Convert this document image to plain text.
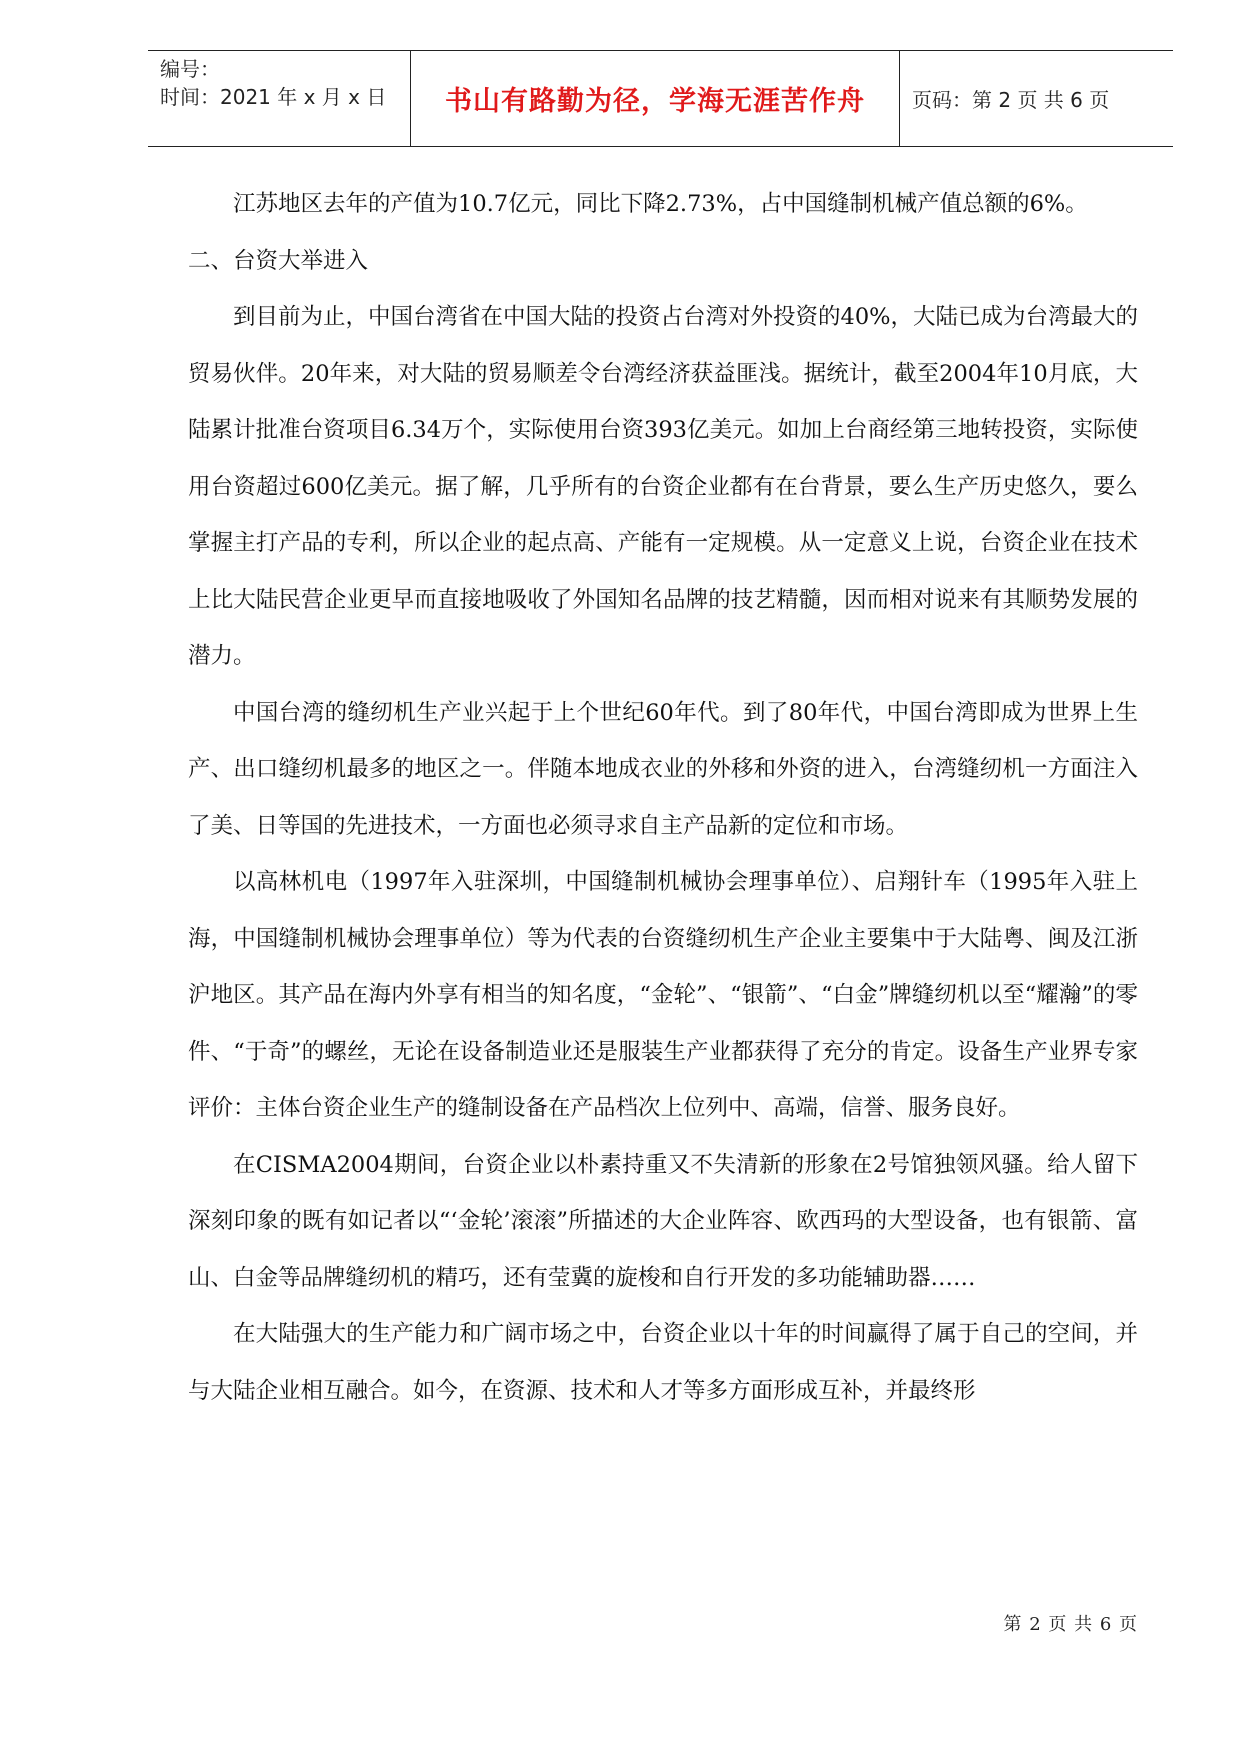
编号：
时间：2021 年 x 月 x 日 书山有路勤为径，学海无涯苦作舟	页码：第 2 页 共 6 页

江苏地区去年的产值为10.7亿元，同比下降2.73%，占中国缝制机械产值总额的6%。

二、台资大举进入

到目前为止，中国台湾省在中国大陆的投资占台湾对外投资的40%，大陆已成为台湾最大的贸易伙伴。20年来，对大陆的贸易顺差令台湾经济获益匪浅。据统计，截至2004年10月底，大陆累计批准台资项目6.34万个，实际使用台资393亿美元。如加上台商经第三地转投资，实际使用台资超过600亿美元。据了解，几乎所有的台资企业都有在台背景，要么生产历史悠久，要么掌握主打产品的专利，所以企业的起点高、产能有一定规模。从一定意义上说，台资企业在技术上比大陆民营企业更早而直接地吸收了外国知名品牌的技艺精髓，因而相对说来有其顺势发展的潜力。

中国台湾的缝纫机生产业兴起于上个世纪60年代。到了80年代，中国台湾即成为世界上生产、出口缝纫机最多的地区之一。伴随本地成衣业的外移和外资的进入，台湾缝纫机一方面注入了美、日等国的先进技术，一方面也必须寻求自主产品新的定位和市场。

以高林机电（1997年入驻深圳，中国缝制机械协会理事单位）、启翔针车（1995年入驻上海，中国缝制机械协会理事单位）等为代表的台资缝纫机生产企业主要集中于大陆粤、闽及江浙沪地区。其产品在海内外享有相当的知名度，“金轮”、“银箭”、“白金”牌缝纫机以至“耀瀚”的零件、“于奇”的螺丝，无论在设备制造业还是服装生产业都获得了充分的肯定。设备生产业界专家评价：主体台资企业生产的缝制设备在产品档次上位列中、高端，信誉、服务良好。

在CISMA2004期间，台资企业以朴素持重又不失清新的形象在2号馆独领风骚。给人留下深刻印象的既有如记者以“‘金轮’滚滚”所描述的大企业阵容、欧西玛的大型设备，也有银箭、富山、白金等品牌缝纫机的精巧，还有莹冀的旋梭和自行开发的多功能辅助器……

在大陆强大的生产能力和广阔市场之中，台资企业以十年的时间赢得了属于自己的空间，并与大陆企业相互融合。如今，在资源、技术和人才等多方面形成互补，并最终形

第 2 页 共 6 页
